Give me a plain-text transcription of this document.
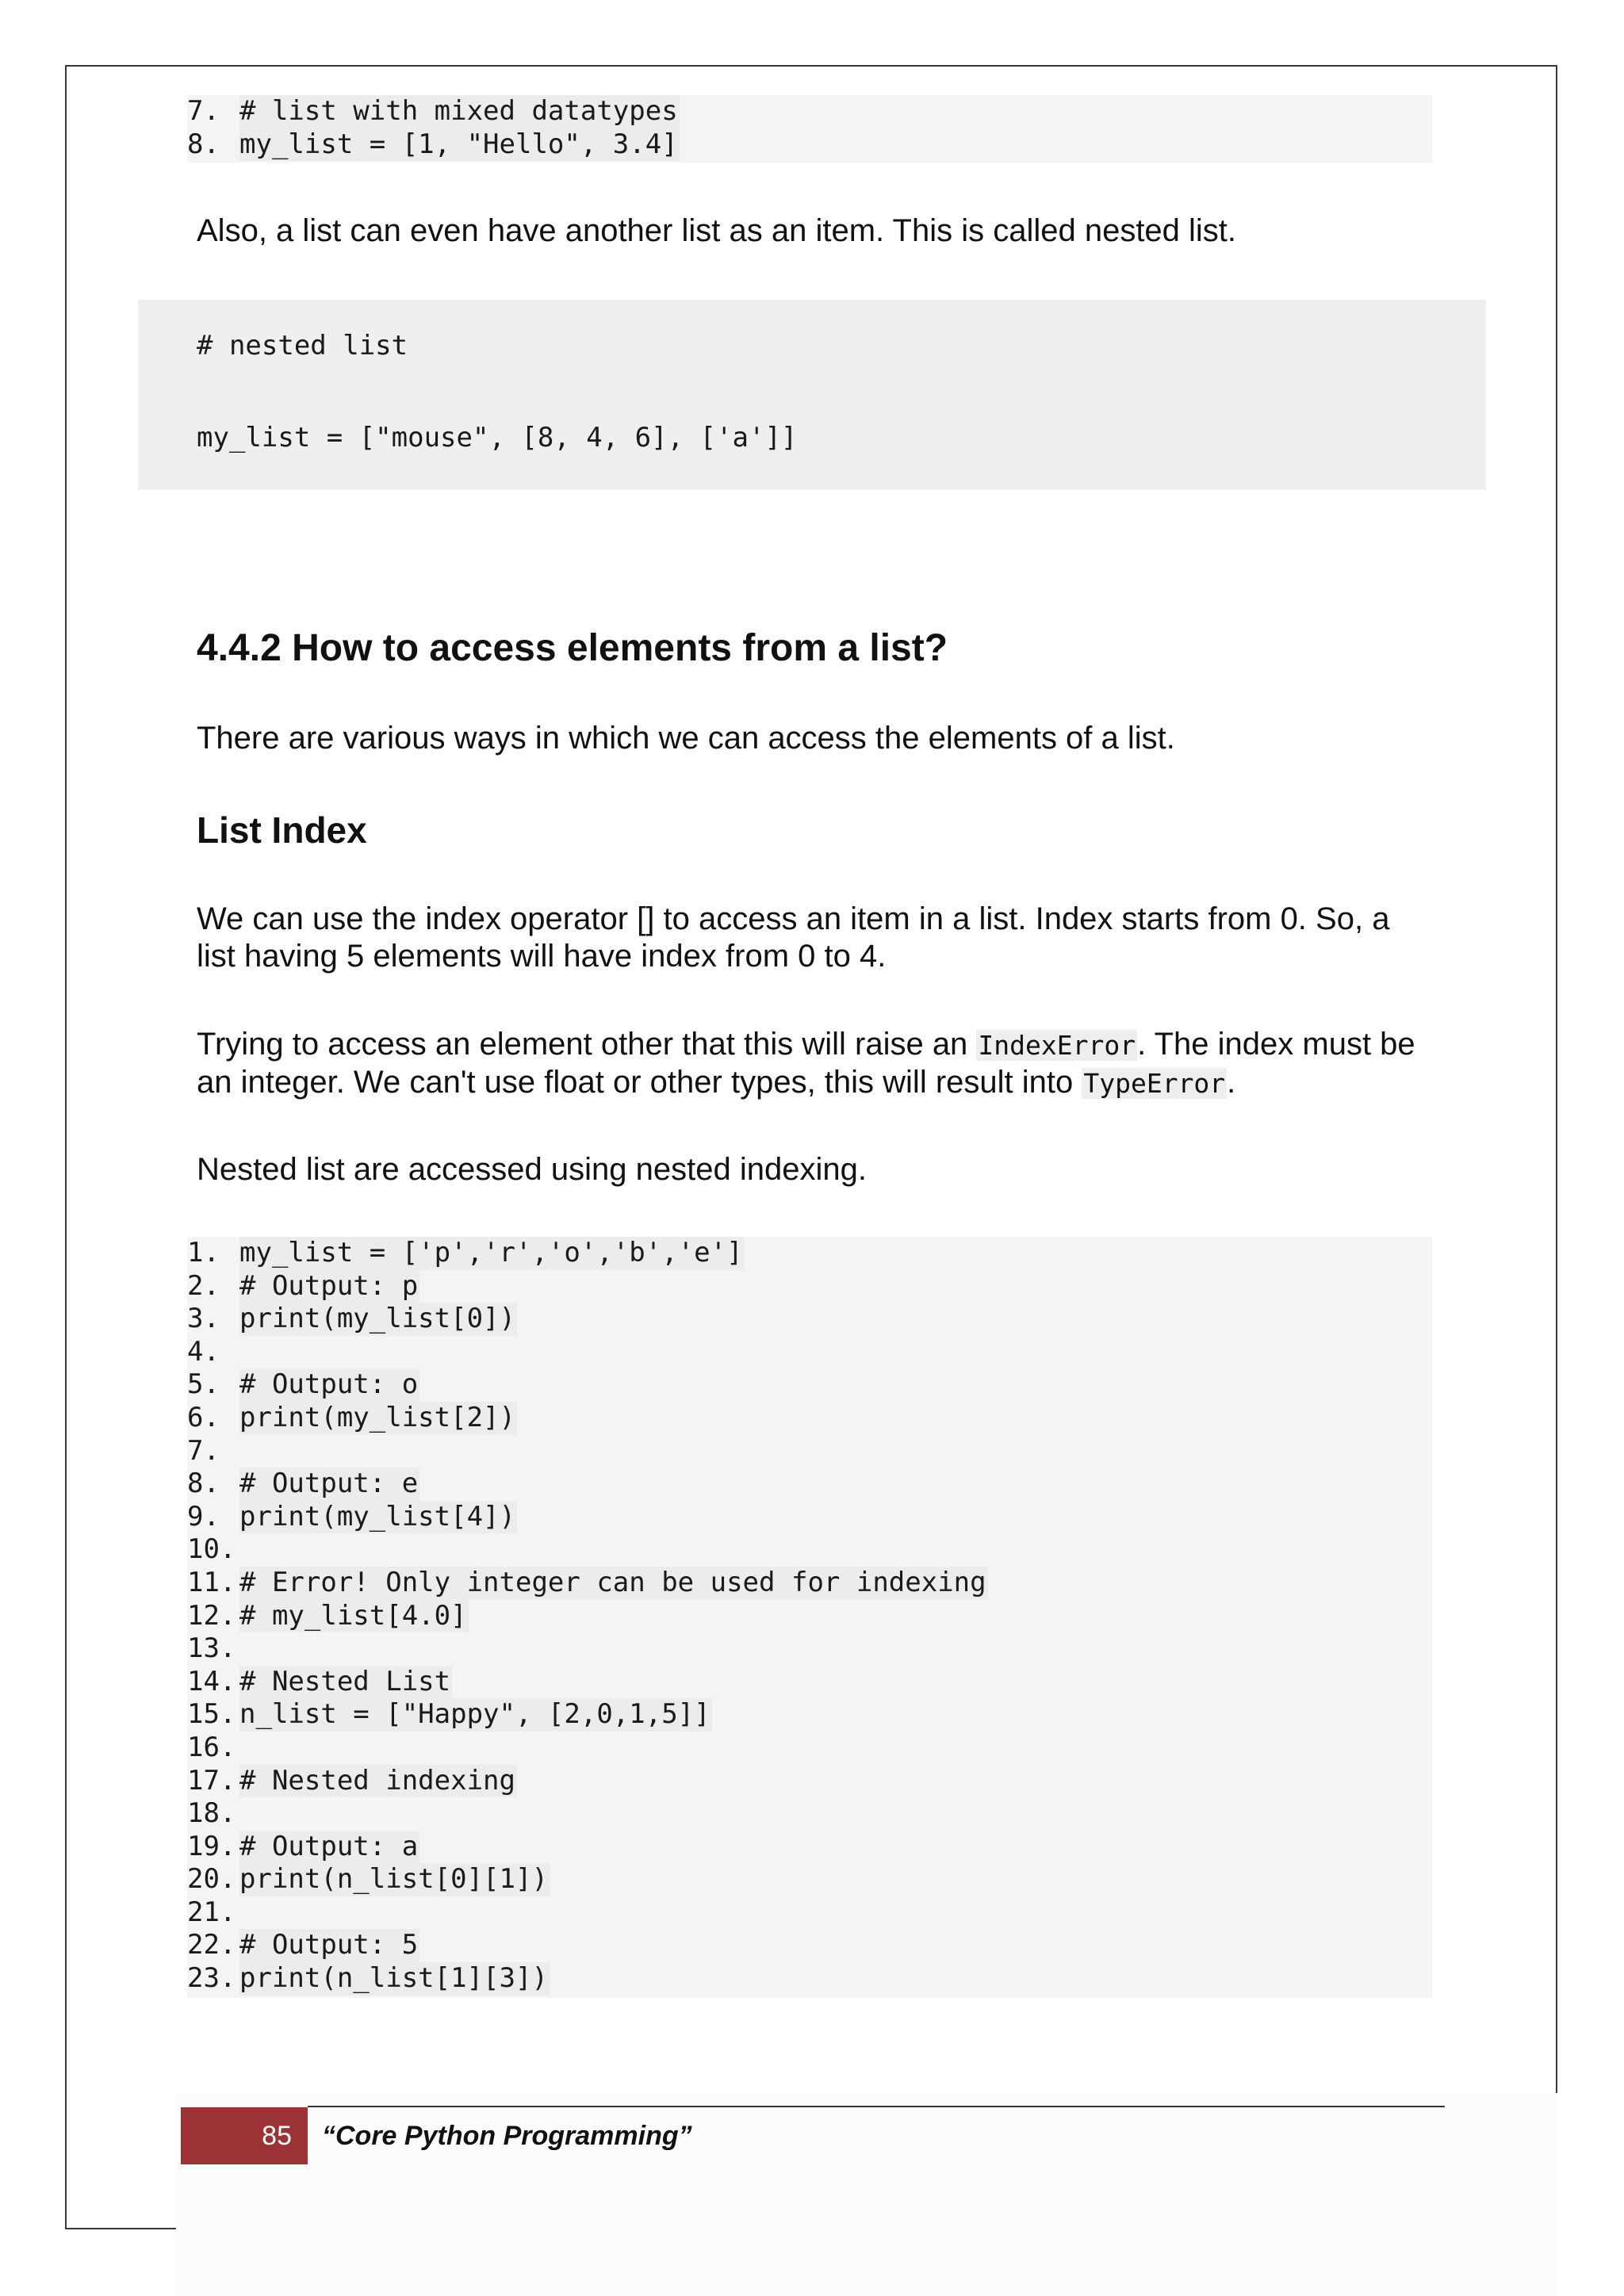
7. # list with mixed datatypes
8. my_list = [1, "Hello", 3.4]
Also, a list can even have another list as an item. This is called nested list.
# nested list
my_list = ["mouse", [8, 4, 6], ['a']]
4.4.2 How to access elements from a list?
There are various ways in which we can access the elements of a list.
List Index
We can use the index operator [] to access an item in a list. Index starts from 0. So, a list having 5 elements will have index from 0 to 4.
Trying to access an element other that this will raise an IndexError. The index must be an integer. We can't use float or other types, this will result into TypeError.
Nested list are accessed using nested indexing.
1. my_list = ['p','r','o','b','e']
2. # Output: p
3. print(my_list[0])
4.
5. # Output: o
6. print(my_list[2])
7.
8. # Output: e
9. print(my_list[4])
10.
11. # Error! Only integer can be used for indexing
12. # my_list[4.0]
13.
14. # Nested List
15. n_list = ["Happy", [2,0,1,5]]
16.
17. # Nested indexing
18.
19. # Output: a
20. print(n_list[0][1])
21.
22. # Output: 5
23. print(n_list[1][3])
85	“Core Python Programming”
